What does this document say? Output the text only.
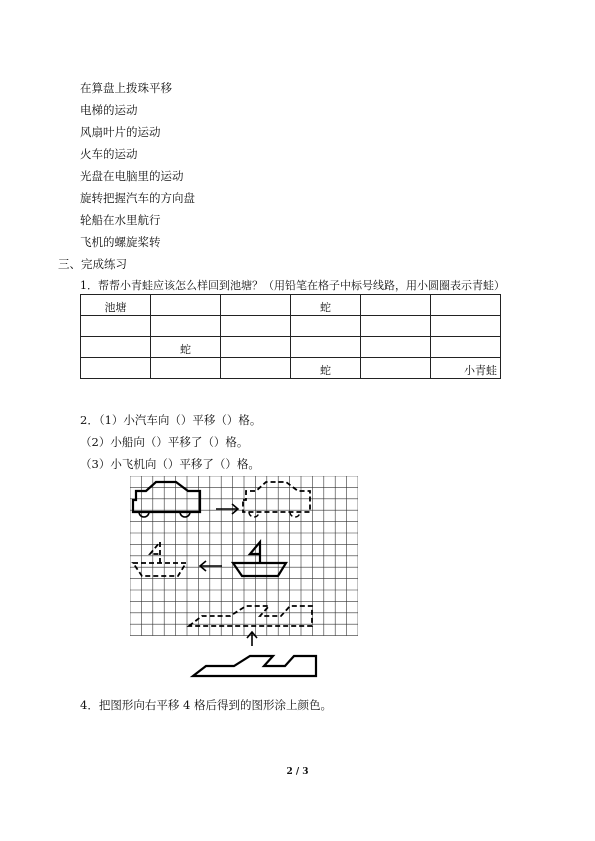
在算盘上拨珠平移
电梯的运动
风扇叶片的运动
火车的运动
光盘在电脑里的运动
旋转把握汽车的方向盘
轮船在水里航行
飞机的螺旋桨转
三、完成练习
1．帮帮小青蛙应该怎么样回到池塘？（用铅笔在格子中标号线路，用小圆圈表示青蛙）
池塘			蛇		

	蛇				
			蛇		小青蛙
2．（1）小汽车向（）平移（）格。
（2）小船向（）平移了（）格。
（3）小飞机向（）平移了（）格。
4．把图形向右平移 4 格后得到的图形涂上颜色。
2 / 3
